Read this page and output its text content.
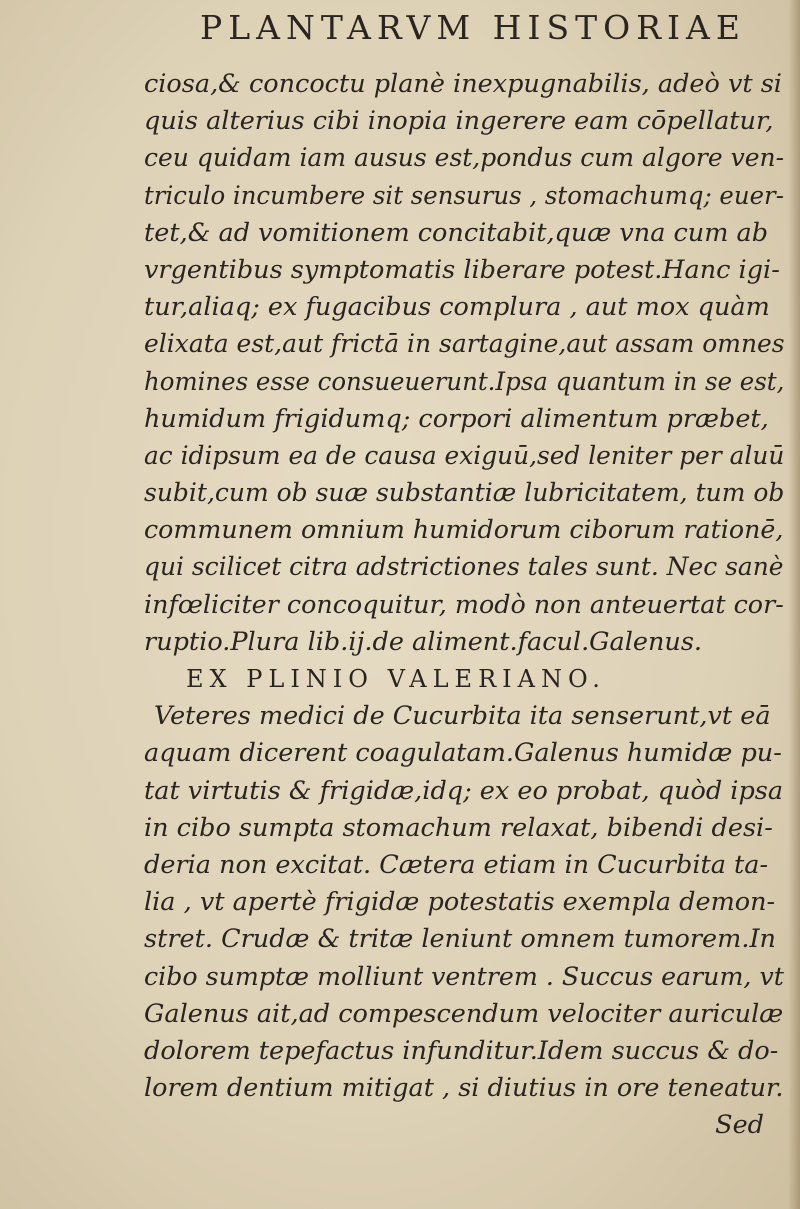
PLANTARVM HISTORIAE
ciosa,& concoctu planè inexpugnabilis, adeò vt si
quis alterius cibi inopia ingerere eam cōpellatur,
ceu quidam iam ausus est,pondus cum algore ven-
triculo incumbere sit sensurus , stomachumq; euer-
tet,& ad vomitionem concitabit,quæ vna cum ab
vrgentibus symptomatis liberare potest.Hanc igi-
tur,aliaq; ex fugacibus complura , aut mox quàm
elixata est,aut frictā in sartagine,aut assam omnes
homines esse consueuerunt.Ipsa quantum in se est,
humidum frigidumq; corpori alimentum præbet,
ac idipsum ea de causa exiguū,sed leniter per aluū
subit,cum ob suæ substantiæ lubricitatem, tum ob
communem omnium humidorum ciborum rationē,
qui scilicet citra adstrictiones tales sunt. Nec sanè
infœliciter concoquitur, modò non anteuertat cor-
ruptio.Plura lib.ij.de aliment.facul.Galenus.
EX PLINIO VALERIANO.
Veteres medici de Cucurbita ita senserunt,vt eā
aquam dicerent coagulatam.Galenus humidæ pu-
tat virtutis & frigidæ,idq; ex eo probat, quòd ipsa
in cibo sumpta stomachum relaxat, bibendi desi-
deria non excitat. Cætera etiam in Cucurbita ta-
lia , vt apertè frigidæ potestatis exempla demon-
stret. Crudæ & tritæ leniunt omnem tumorem.In
cibo sumptæ molliunt ventrem . Succus earum, vt
Galenus ait,ad compescendum velociter auriculæ
dolorem tepefactus infunditur.Idem succus & do-
lorem dentium mitigat , si diutius in ore teneatur.
Sed
